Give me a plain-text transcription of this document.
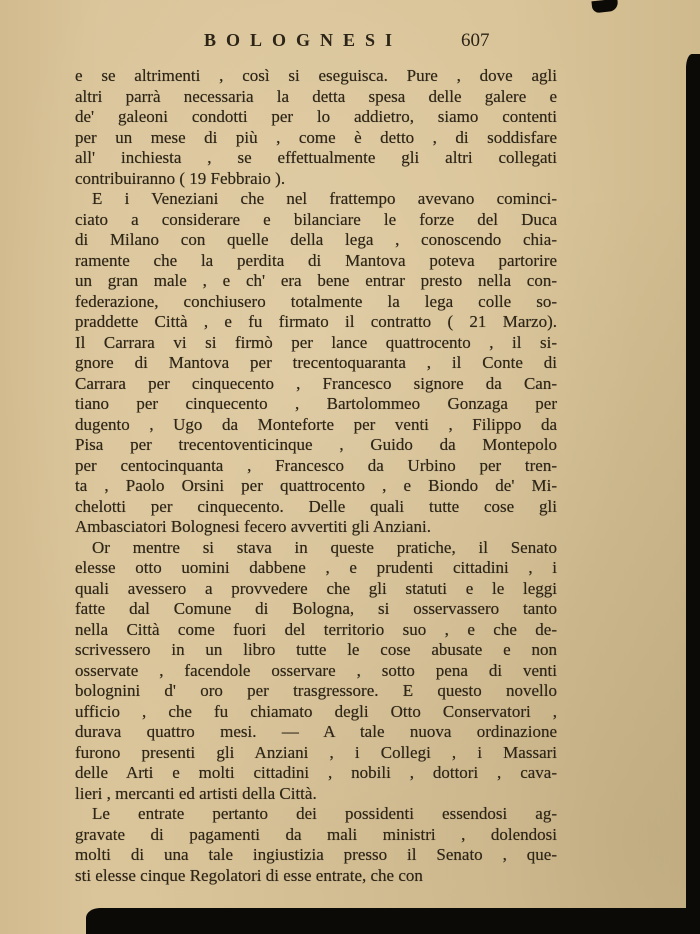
BOLOGNESI	607
e se altrimenti , così si eseguisca. Pure , dove agli
altri parrà necessaria la detta spesa delle galere e
de' galeoni condotti per lo addietro, siamo contenti
per un mese di più , come è detto , di soddisfare
all' inchiesta , se effettualmente gli altri collegati
contribuiranno ( 19 Febbraio ).
E i Veneziani che nel frattempo avevano cominci-
ciato a considerare e bilanciare le forze del Duca
di Milano con quelle della lega , conoscendo chia-
ramente che la perdita di Mantova poteva partorire
un gran male , e ch' era bene entrar presto nella con-
federazione, conchiusero totalmente la lega colle so-
praddette Città , e fu firmato il contratto ( 21 Marzo).
Il Carrara vi si firmò per lance quattrocento , il si-
gnore di Mantova per trecentoquaranta , il Conte di
Carrara per cinquecento , Francesco signore da Can-
tiano per cinquecento , Bartolommeo Gonzaga per
dugento , Ugo da Monteforte per venti , Filippo da
Pisa per trecentoventicinque , Guido da Montepolo
per centocinquanta , Francesco da Urbino per tren-
ta , Paolo Orsini per quattrocento , e Biondo de' Mi-
chelotti per cinquecento. Delle quali tutte cose gli
Ambasciatori Bolognesi fecero avvertiti gli Anziani.
Or mentre si stava in queste pratiche, il Senato
elesse otto uomini dabbene , e prudenti cittadini , i
quali avessero a provvedere che gli statuti e le leggi
fatte dal Comune di Bologna, si osservassero tanto
nella Città come fuori del territorio suo , e che de-
scrivessero in un libro tutte le cose abusate e non
osservate , facendole osservare , sotto pena di venti
bolognini d' oro per trasgressore. E questo novello
ufficio , che fu chiamato degli Otto Conservatori ,
durava quattro mesi. — A tale nuova ordinazione
furono presenti gli Anziani , i Collegi , i Massari
delle Arti e molti cittadini , nobili , dottori , cava-
lieri , mercanti ed artisti della Città.
Le entrate pertanto dei possidenti essendosi ag-
gravate di pagamenti da mali ministri , dolendosi
molti di una tale ingiustizia presso il Senato , que-
sti elesse cinque Regolatori di esse entrate, che con
